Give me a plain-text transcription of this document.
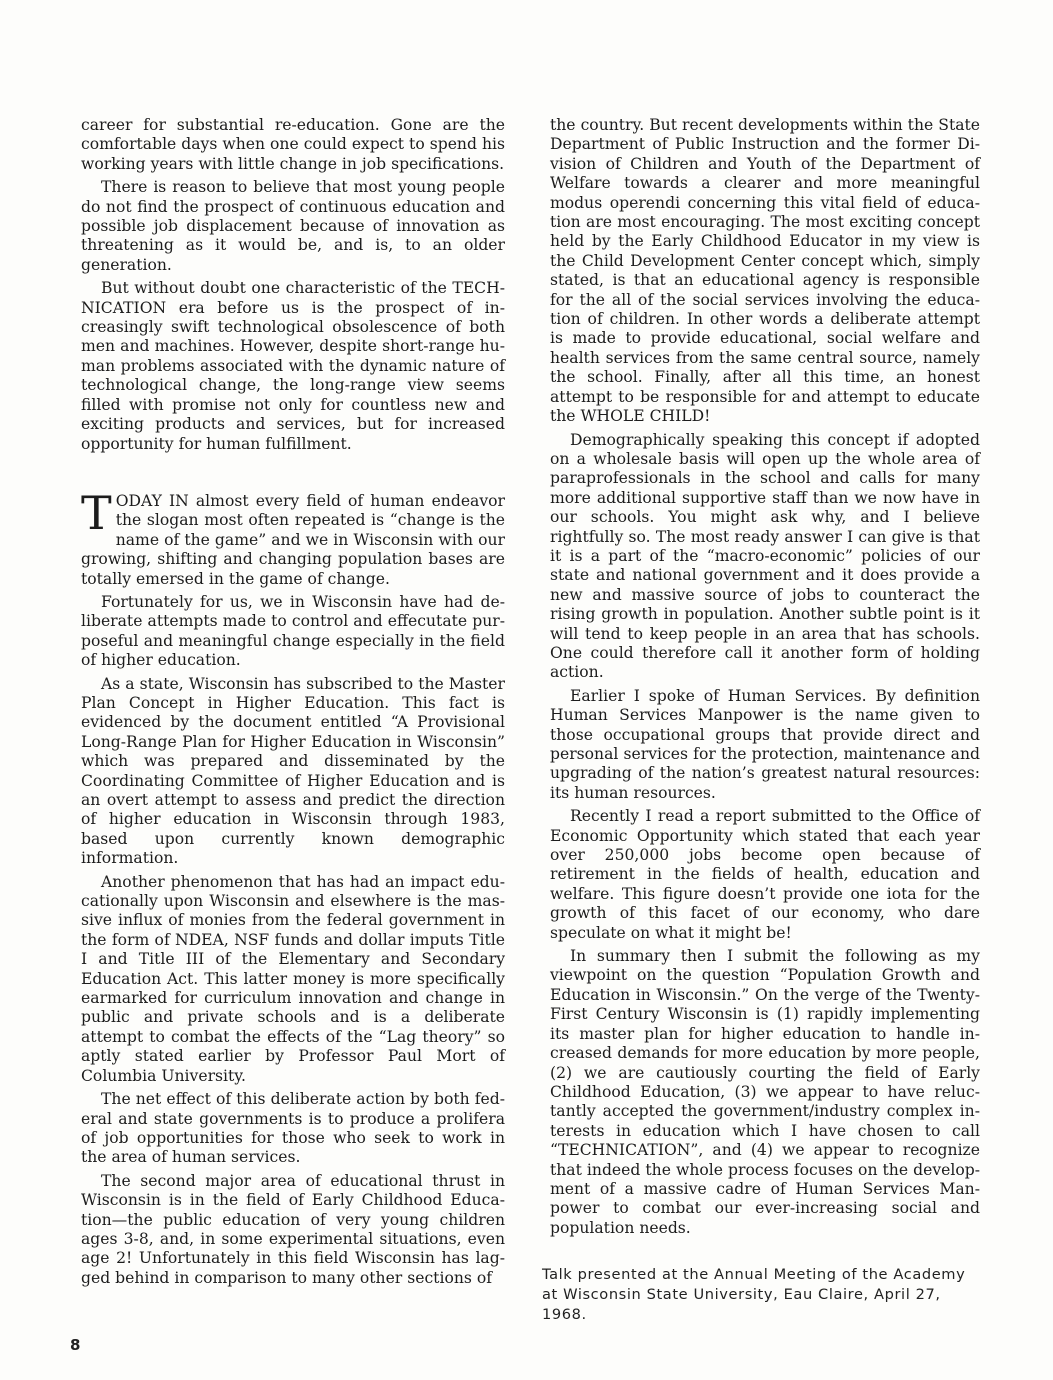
career for substantial re-education. Gone are the comfortable days when one could expect to spend his working years with little change in job specifications.

There is reason to believe that most young people do not find the prospect of continuous education and possible job displacement because of innovation as threatening as it would be, and is, to an older generation.

But without doubt one characteristic of the TECHNICATION era before us is the prospect of increasingly swift technological obsolescence of both men and machines. However, despite short-range human problems associated with the dynamic nature of technological change, the long-range view seems filled with promise not only for countless new and exciting products and services, but for increased opportunity for human fulfillment.

TODAY IN almost every field of human endeavor the slogan most often repeated is “change is the name of the game” and we in Wisconsin with our growing, shifting and changing population bases are totally emersed in the game of change.

Fortunately for us, we in Wisconsin have had deliberate attempts made to control and effecutate purposeful and meaningful change especially in the field of higher education.

As a state, Wisconsin has subscribed to the Master Plan Concept in Higher Education. This fact is evidenced by the document entitled “A Provisional Long-Range Plan for Higher Education in Wisconsin” which was prepared and disseminated by the Coordinating Committee of Higher Education and is an overt attempt to assess and predict the direction of higher education in Wisconsin through 1983, based upon currently known demographic information.

Another phenomenon that has had an impact educationally upon Wisconsin and elsewhere is the massive influx of monies from the federal government in the form of NDEA, NSF funds and dollar imputs Title I and Title III of the Elementary and Secondary Education Act. This latter money is more specifically earmarked for curriculum innovation and change in public and private schools and is a deliberate attempt to combat the effects of the “Lag theory” so aptly stated earlier by Professor Paul Mort of Columbia University.

The net effect of this deliberate action by both federal and state governments is to produce a prolifera of job opportunities for those who seek to work in the area of human services.

The second major area of educational thrust in Wisconsin is in the field of Early Childhood Education—the public education of very young children ages 3-8, and, in some experimental situations, even age 2! Unfortunately in this field Wisconsin has lagged behind in comparison to many other sections of

the country. But recent developments within the State Department of Public Instruction and the former Division of Children and Youth of the Department of Welfare towards a clearer and more meaningful modus operendi concerning this vital field of education are most encouraging. The most exciting concept held by the Early Childhood Educator in my view is the Child Development Center concept which, simply stated, is that an educational agency is responsible for the all of the social services involving the education of children. In other words a deliberate attempt is made to provide educational, social welfare and health services from the same central source, namely the school. Finally, after all this time, an honest attempt to be responsible for and attempt to educate the WHOLE CHILD!

Demographically speaking this concept if adopted on a wholesale basis will open up the whole area of paraprofessionals in the school and calls for many more additional supportive staff than we now have in our schools. You might ask why, and I believe rightfully so. The most ready answer I can give is that it is a part of the “macro-economic” policies of our state and national government and it does provide a new and massive source of jobs to counteract the rising growth in population. Another subtle point is it will tend to keep people in an area that has schools. One could therefore call it another form of holding action.

Earlier I spoke of Human Services. By definition Human Services Manpower is the name given to those occupational groups that provide direct and personal services for the protection, maintenance and upgrading of the nation’s greatest natural resources: its human resources.

Recently I read a report submitted to the Office of Economic Opportunity which stated that each year over 250,000 jobs become open because of retirement in the fields of health, education and welfare. This figure doesn’t provide one iota for the growth of this facet of our economy, who dare speculate on what it might be!

In summary then I submit the following as my viewpoint on the question “Population Growth and Education in Wisconsin.” On the verge of the Twenty-First Century Wisconsin is (1) rapidly implementing its master plan for higher education to handle increased demands for more education by more people, (2) we are cautiously courting the field of Early Childhood Education, (3) we appear to have reluctantly accepted the government/industry complex interests in education which I have chosen to call “TECHNICATION”, and (4) we appear to recognize that indeed the whole process focuses on the development of a massive cadre of Human Services Manpower to combat our ever-increasing social and population needs.

Talk presented at the Annual Meeting of the Academy at Wisconsin State University, Eau Claire, April 27, 1968.

8
